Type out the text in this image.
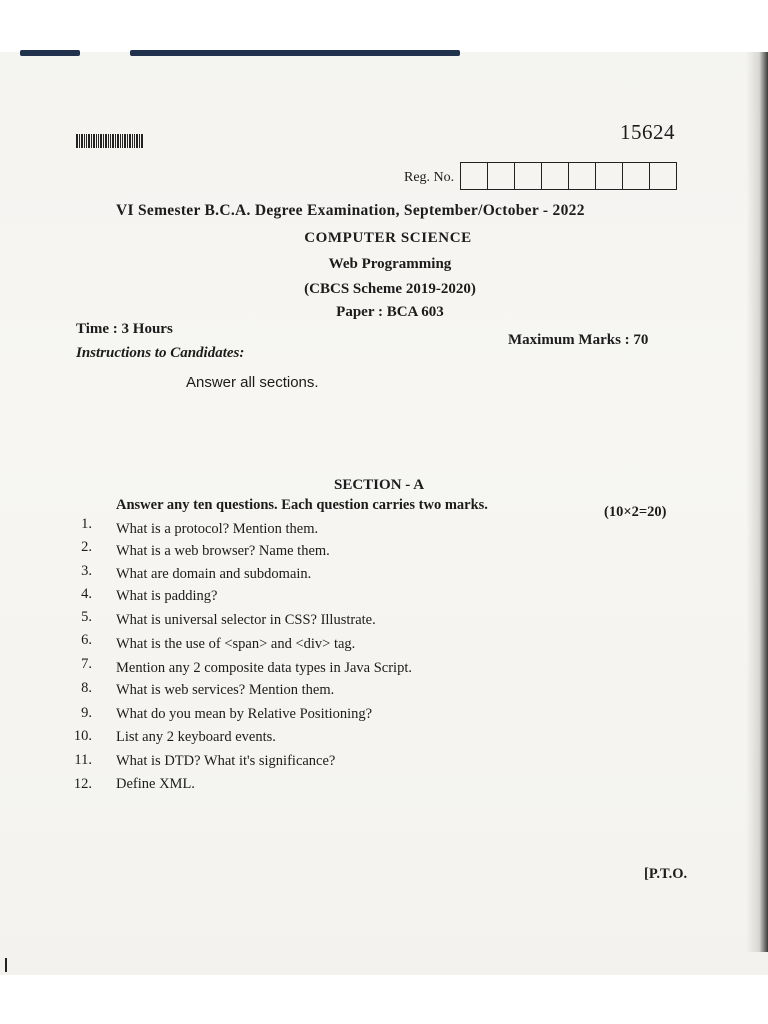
15624
Reg. No.
VI Semester B.C.A. Degree Examination, September/October - 2022
COMPUTER SCIENCE
Web Programming
(CBCS Scheme 2019-2020)
Paper : BCA 603
Time : 3 Hours
Maximum Marks : 70
Instructions to Candidates:
Answer all sections.
SECTION - A
Answer any ten questions. Each question carries two marks.	(10×2=20)
1. What is a protocol? Mention them.
2. What is a web browser? Name them.
3. What are domain and subdomain.
4. What is padding?
5. What is universal selector in CSS? Illustrate.
6. What is the use of <span> and <div> tag.
7. Mention any 2 composite data types in Java Script.
8. What is web services? Mention them.
9. What do you mean by Relative Positioning?
10. List any 2 keyboard events.
11. What is DTD? What it's significance?
12. Define XML.
[P.T.O.
